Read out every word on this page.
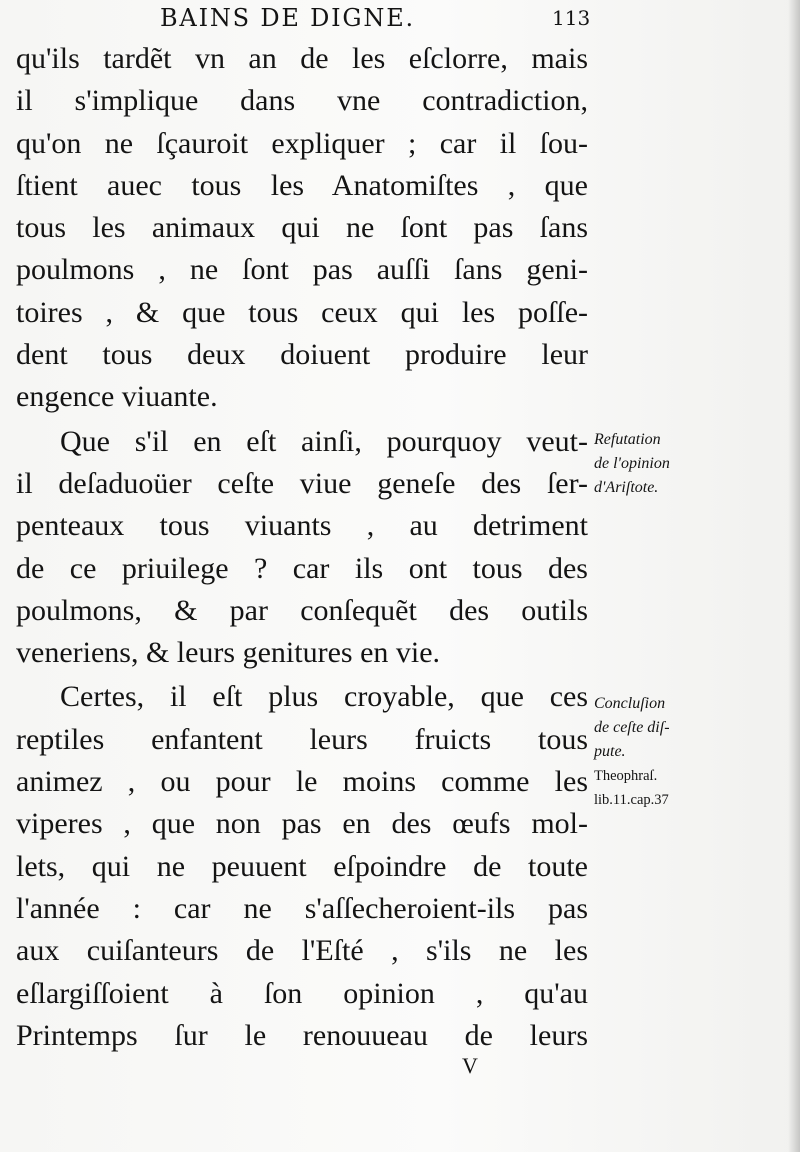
BAINS DE DIGNE.	113
qu'ils tardẽt vn an de les eſclorre, mais
il s'implique dans vne contradiction,
qu'on ne ſçauroit expliquer ; car il ſou-
ſtient auec tous les Anatomiſtes , que
tous les animaux qui ne ſont pas ſans
poulmons , ne ſont pas auſſi ſans geni-
toires , & que tous ceux qui les poſſe-
dent tous deux doiuent produire leur
engence viuante.
Que s'il en eſt ainſi, pourquoy veut-
il deſaduoüer ceſte viue geneſe des ſer-
penteaux tous viuants , au detriment
de ce priuilege ? car ils ont tous des
poulmons, & par conſequẽt des outils
veneriens, & leurs genitures en vie.
Certes, il eſt plus croyable, que ces
reptiles enfantent leurs fruicts tous
animez , ou pour le moins comme les
viperes , que non pas en des œufs mol-
lets, qui ne peuuent eſpoindre de toute
l'année : car ne s'aſſecheroient-ils pas
aux cuiſanteurs de l'Eſté , s'ils ne les
eſlargiſſoient à ſon opinion , qu'au
Printemps ſur le renouueau de leurs
Refutation
de l'opinion
d'Ariſtote.
Concluſion
de ceſte diſ-
pute.
Theophraſ.
lib.11.cap.37
V
